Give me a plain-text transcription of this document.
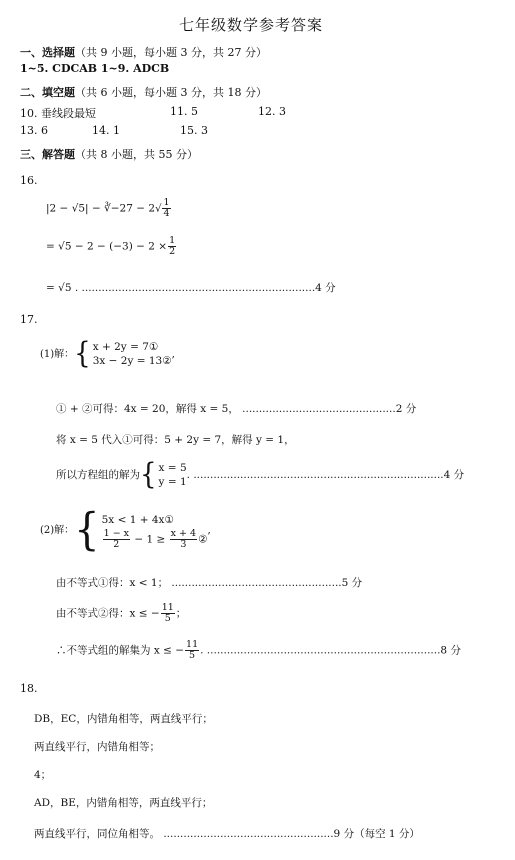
七年级数学参考答案
一、选择题（共 9 小题，每小题 3 分，共 27 分）
1~5. CDCAB 1~9. ADCB
二、填空题（共 6 小题，每小题 3 分，共 18 分）
10. 垂线段最短	11. 5	12. 3
13. 6	14. 1	15. 3
三、解答题（共 8 小题，共 55 分）
16.
|2 − √5| − ∛−27 − $2√ \frac{1}{4}$
= $√5 - 2 - (-3) - 2 \times \frac{1}{2}$
= √5 . ......................................................................4 分
17.
(1)解：{ x + 2y = 7①
3x − 2y = 13②
,
① + ②可得：4x = 20，解得 x = 5， ..............................................2 分
将 x = 5 代入①可得：5 + 2y = 7，解得 y = 1，
所以方程组的解为{ x = 5
y = 1
. ...........................................................................4 分
(2)解：{ 5x < 1 + 4x①
$\frac{1 - x}{2} - 1 \ge \frac{x + 4}{3}$ ②
,
由不等式①得：x < 1； ...................................................5 分
由不等式②得：x ≤ − $\frac{11}{5}$ ；
∴不等式组的解集为 x ≤ − $\frac{11}{5}$ . ......................................................................8 分
18.
DB，EC，内错角相等，两直线平行；
两直线平行，内错角相等；
4；
AD，BE，内错角相等，两直线平行；
两直线平行，同位角相等。 ...................................................9 分（每空 1 分）
